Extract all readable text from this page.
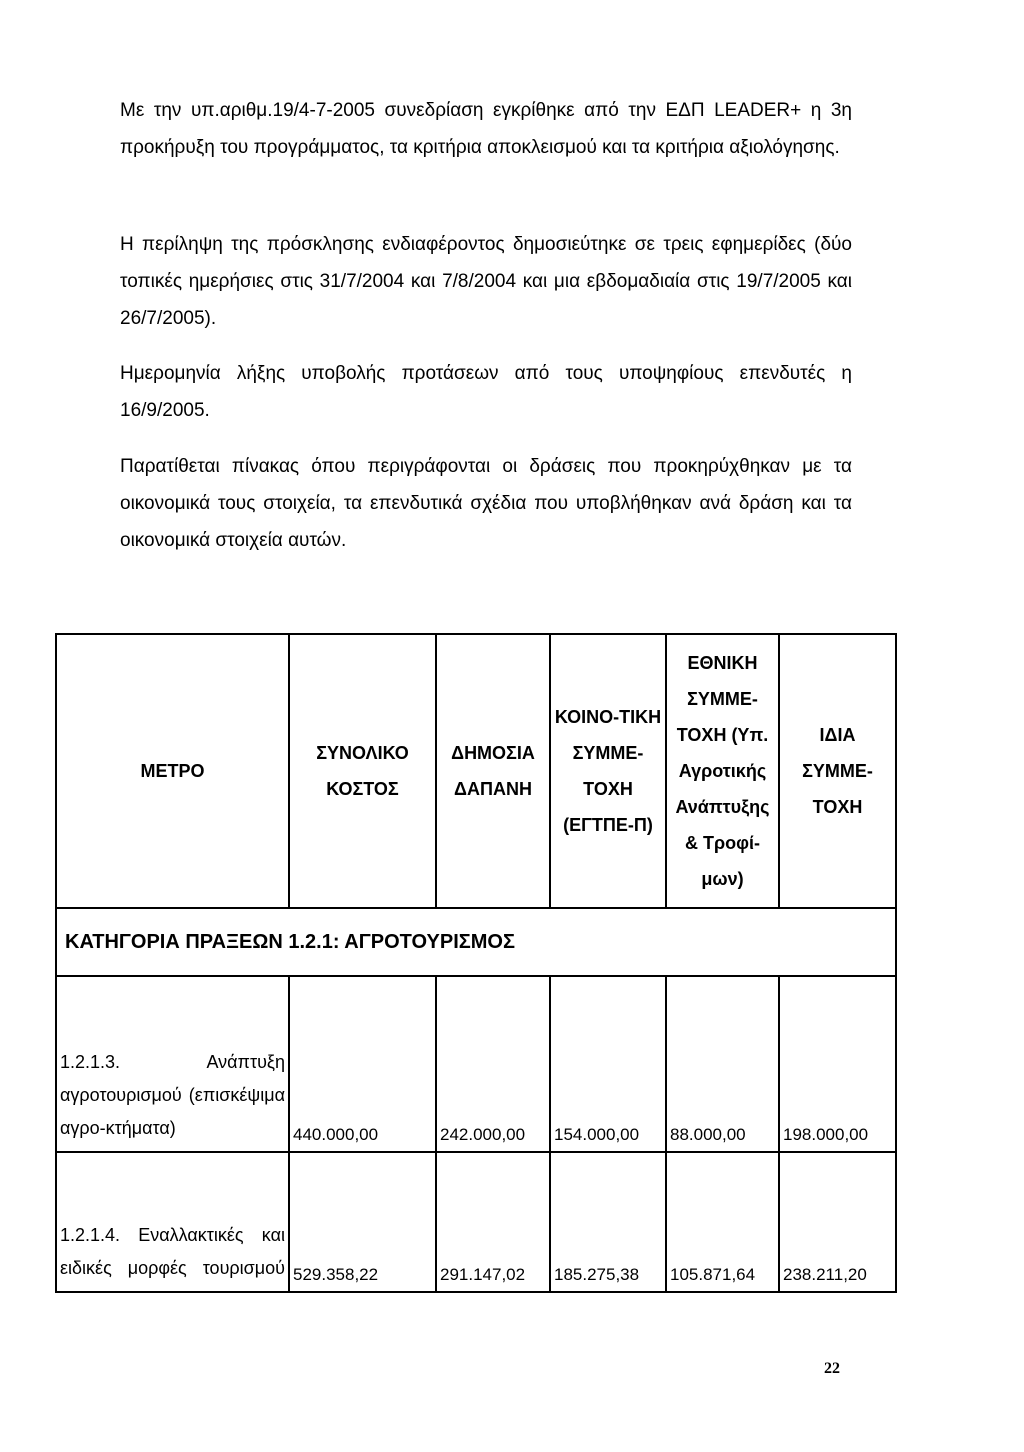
Με την υπ.αριθμ.19/4-7-2005 συνεδρίαση εγκρίθηκε από την ΕΔΠ LEADER+ η 3η προκήρυξη του προγράμματος, τα κριτήρια αποκλεισμού και τα κριτήρια αξιολόγησης.

Η περίληψη της πρόσκλησης ενδιαφέροντος δημοσιεύτηκε σε τρεις εφημερίδες (δύο τοπικές ημερήσιες στις 31/7/2004 και 7/8/2004 και μια εβδομαδιαία στις 19/7/2005 και 26/7/2005).

Ημερομηνία λήξης υποβολής προτάσεων από τους υποψηφίους επενδυτές η 16/9/2005.

Παρατίθεται πίνακας όπου περιγράφονται οι δράσεις που προκηρύχθηκαν με τα οικονομικά τους στοιχεία, τα επενδυτικά σχέδια που υποβλήθηκαν ανά δράση και τα οικονομικά στοιχεία αυτών.

ΜΕΤΡΟ	ΣΥΝΟΛΙΚΟ ΚΟΣΤΟΣ	ΔΗΜΟΣΙΑ ΔΑΠΑΝΗ	ΚΟΙΝΟ-ΤΙΚΗ ΣΥΜΜΕ-ΤΟΧΗ (ΕΓΤΠΕ-Π)	ΕΘΝΙΚΗ ΣΥΜΜΕ-ΤΟΧΗ (Υπ. Αγροτικής Ανάπτυξης & Τροφί-μων)	ΙΔΙΑ ΣΥΜΜΕ-ΤΟΧΗ
ΚΑΤΗΓΟΡΙΑ ΠΡΑΞΕΩΝ 1.2.1: ΑΓΡΟΤΟΥΡΙΣΜΟΣ					
1.2.1.3. Ανάπτυξη αγροτουρισμού (επισκέψιμα αγρο-κτήματα)	440.000,00	242.000,00	154.000,00	88.000,00	198.000,00
1.2.1.4. Εναλλακτικές και ειδικές μορφές τουρισμού	529.358,22	291.147,02	185.275,38	105.871,64	238.211,20
22
